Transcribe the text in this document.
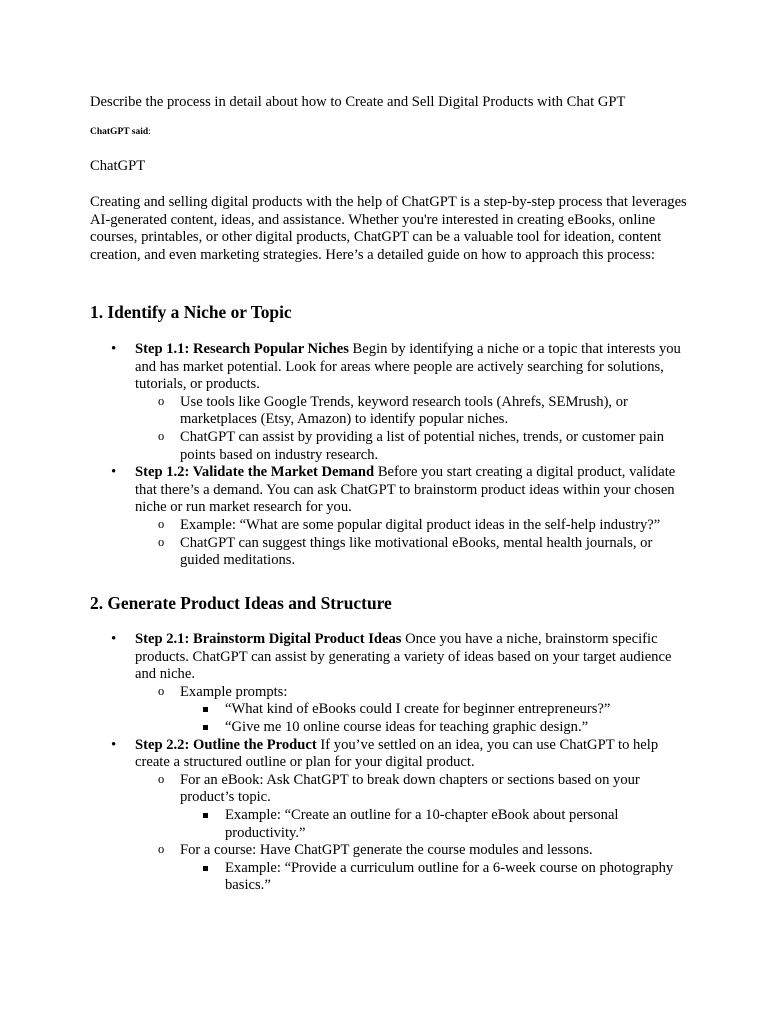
Describe the process in detail about how to Create and Sell Digital Products with Chat GPT

ChatGPT said:

ChatGPT

Creating and selling digital products with the help of ChatGPT is a step-by-step process that leverages AI-generated content, ideas, and assistance. Whether you're interested in creating eBooks, online courses, printables, or other digital products, ChatGPT can be a valuable tool for ideation, content creation, and even marketing strategies. Here’s a detailed guide on how to approach this process:

1. Identify a Niche or Topic
• Step 1.1: Research Popular Niches Begin by identifying a niche or a topic that interests you and has market potential. Look for areas where people are actively searching for solutions, tutorials, or products.
o Use tools like Google Trends, keyword research tools (Ahrefs, SEMrush), or marketplaces (Etsy, Amazon) to identify popular niches.
o ChatGPT can assist by providing a list of potential niches, trends, or customer pain points based on industry research.
• Step 1.2: Validate the Market Demand Before you start creating a digital product, validate that there’s a demand. You can ask ChatGPT to brainstorm product ideas within your chosen niche or run market research for you.
o Example: “What are some popular digital product ideas in the self-help industry?”
o ChatGPT can suggest things like motivational eBooks, mental health journals, or guided meditations.
2. Generate Product Ideas and Structure
• Step 2.1: Brainstorm Digital Product Ideas Once you have a niche, brainstorm specific products. ChatGPT can assist by generating a variety of ideas based on your target audience and niche.
o Example prompts:
“What kind of eBooks could I create for beginner entrepreneurs?”
“Give me 10 online course ideas for teaching graphic design.”
• Step 2.2: Outline the Product If you’ve settled on an idea, you can use ChatGPT to help create a structured outline or plan for your digital product.
o For an eBook: Ask ChatGPT to break down chapters or sections based on your product’s topic.
Example: “Create an outline for a 10-chapter eBook about personal productivity.”
o For a course: Have ChatGPT generate the course modules and lessons.
Example: “Provide a curriculum outline for a 6-week course on photography basics.”
